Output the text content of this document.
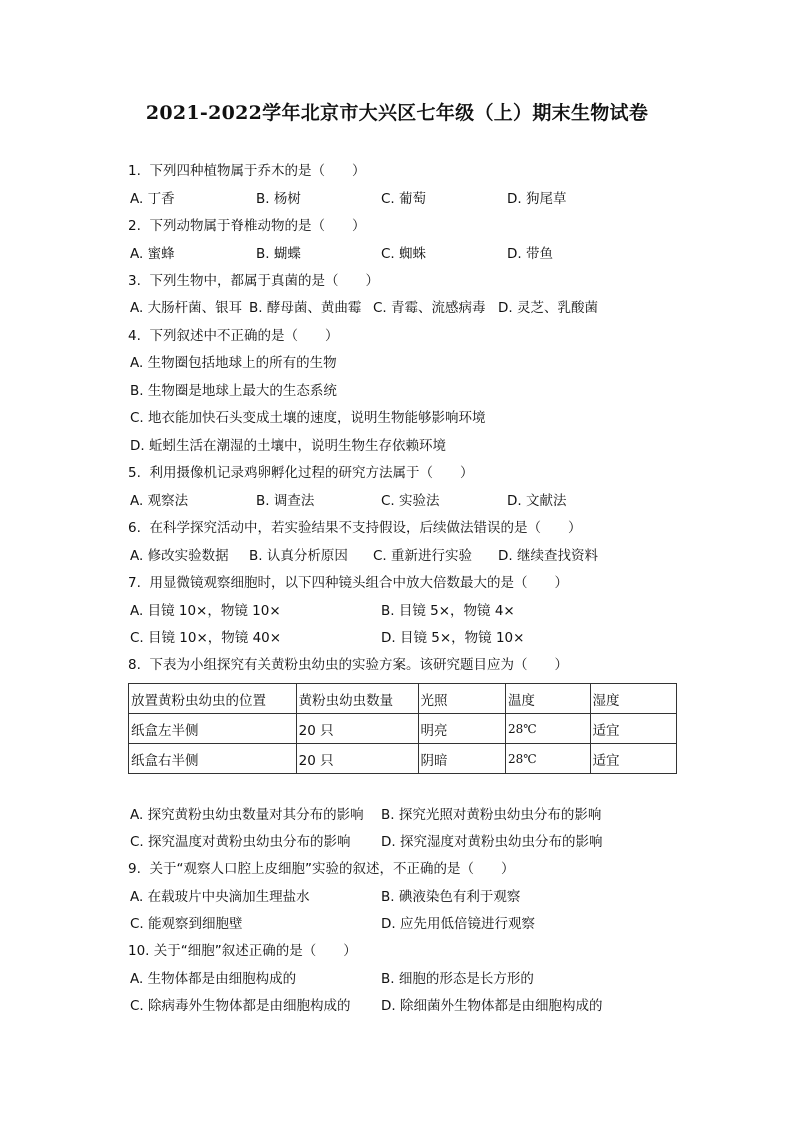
2021-2022学年北京市大兴区七年级（上）期末生物试卷
1. 下列四种植物属于乔木的是（　　）
A. 丁香	B. 杨树	C. 葡萄	D. 狗尾草
2. 下列动物属于脊椎动物的是（　　）
A. 蜜蜂	B. 蝴蝶	C. 蜘蛛	D. 带鱼
3. 下列生物中，都属于真菌的是（　　）
A. 大肠杆菌、银耳 B. 酵母菌、黄曲霉 C. 青霉、流感病毒 D. 灵芝、乳酸菌
4. 下列叙述中不正确的是（　　）
A. 生物圈包括地球上的所有的生物
B. 生物圈是地球上最大的生态系统
C. 地衣能加快石头变成土壤的速度，说明生物能够影响环境
D. 蚯蚓生活在潮湿的土壤中，说明生物生存依赖环境
5. 利用摄像机记录鸡卵孵化过程的研究方法属于（　　）
A. 观察法	B. 调查法	C. 实验法	D. 文献法
6. 在科学探究活动中，若实验结果不支持假设，后续做法错误的是（　　）
A. 修改实验数据 B. 认真分析原因 C. 重新进行实验 D. 继续查找资料
7. 用显微镜观察细胞时，以下四种镜头组合中放大倍数最大的是（　　）
A. 目镜 10×，物镜 10×	B. 目镜 5×，物镜 4×
C. 目镜 10×，物镜 40×	D. 目镜 5×，物镜 10×
8. 下表为小组探究有关黄粉虫幼虫的实验方案。该研究题目应为（　　）
放置黄粉虫幼虫的位置	黄粉虫幼虫数量	光照	温度	湿度
纸盒左半侧	20 只	明亮	28℃	适宜
纸盒右半侧	20 只	阴暗	28℃	适宜
A. 探究黄粉虫幼虫数量对其分布的影响 B. 探究光照对黄粉虫幼虫分布的影响
C. 探究温度对黄粉虫幼虫分布的影响 D. 探究湿度对黄粉虫幼虫分布的影响
9. 关于“观察人口腔上皮细胞”实验的叙述，不正确的是（　　）
A. 在载玻片中央滴加生理盐水	B. 碘液染色有利于观察
C. 能观察到细胞壁	D. 应先用低倍镜进行观察
10. 关于“细胞”叙述正确的是（　　）
A. 生物体都是由细胞构成的	B. 细胞的形态是长方形的
C. 除病毒外生物体都是由细胞构成的 D. 除细菌外生物体都是由细胞构成的
